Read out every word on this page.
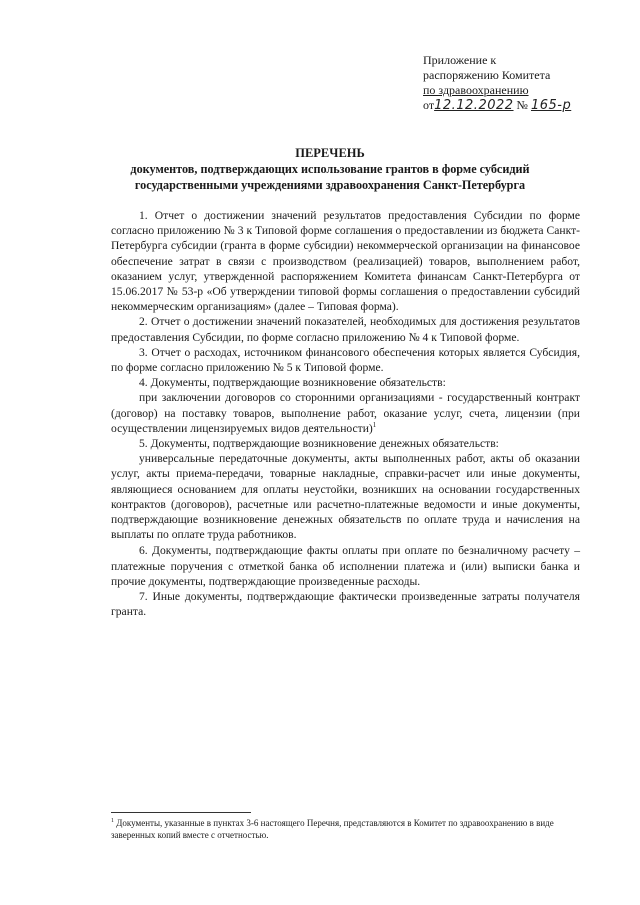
Приложение к
распоряжению Комитета
по здравоохранению
от12.12.2022 № 165-р
ПЕРЕЧЕНЬ
документов, подтверждающих использование грантов в форме субсидий
государственными учреждениями здравоохранения Санкт-Петербурга

1. Отчет о достижении значений результатов предоставления Субсидии по форме согласно приложению № 3 к Типовой форме соглашения о предоставлении из бюджета Санкт-Петербурга субсидии (гранта в форме субсидии) некоммерческой организации на финансовое обеспечение затрат в связи с производством (реализацией) товаров, выполнением работ, оказанием услуг, утвержденной распоряжением Комитета финансам Санкт-Петербурга от 15.06.2017 № 53-р «Об утверждении типовой формы соглашения о предоставлении субсидий некоммерческим организациям» (далее – Типовая форма).

2. Отчет о достижении значений показателей, необходимых для достижения результатов предоставления Субсидии, по форме согласно приложению № 4 к Типовой форме.

3. Отчет о расходах, источником финансового обеспечения которых является Субсидия, по форме согласно приложению № 5 к Типовой форме.

4. Документы, подтверждающие возникновение обязательств:

при заключении договоров со сторонними организациями - государственный контракт (договор) на поставку товаров, выполнение работ, оказание услуг, счета, лицензии (при осуществлении лицензируемых видов деятельности)$^1$

5. Документы, подтверждающие возникновение денежных обязательств:

универсальные передаточные документы, акты выполненных работ, акты об оказании услуг, акты приема-передачи, товарные накладные, справки-расчет или иные документы, являющиеся основанием для оплаты неустойки, возникших на основании государственных контрактов (договоров), расчетные или расчетно-платежные ведомости и иные документы, подтверждающие возникновение денежных обязательств по оплате труда и начисления на выплаты по оплате труда работников.

6. Документы, подтверждающие факты оплаты при оплате по безналичному расчету – платежные поручения с отметкой банка об исполнении платежа и (или) выписки банка и прочие документы, подтверждающие произведенные расходы.

7. Иные документы, подтверждающие фактически произведенные затраты получателя гранта.

$^1$ Документы, указанные в пунктах 3-6 настоящего Перечня, представляются в Комитет по здравоохранению в виде заверенных копий вместе с отчетностью.
